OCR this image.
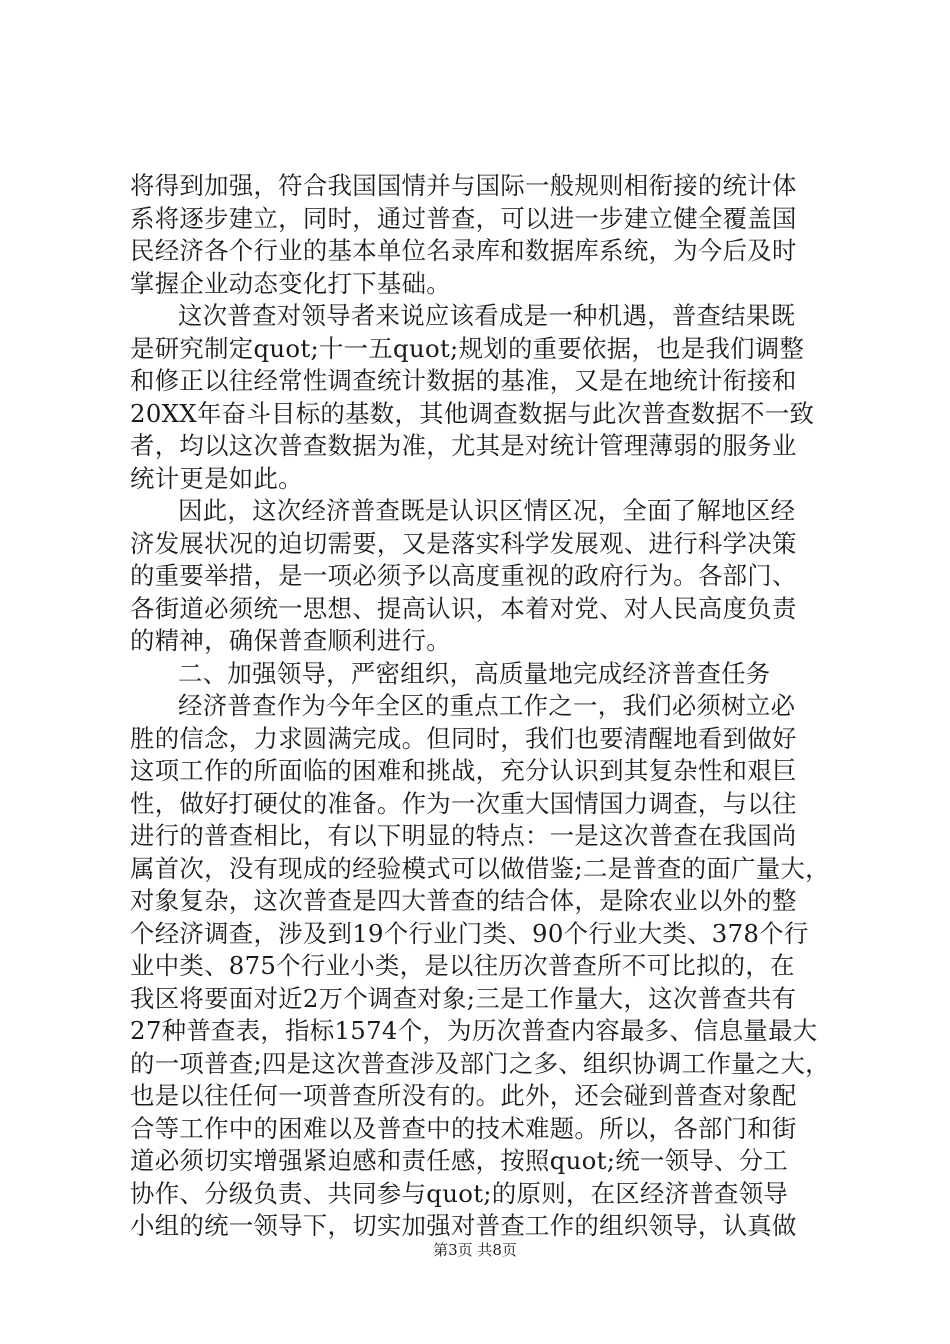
将得到加强，符合我国国情并与国际一般规则相衔接的统计体
系将逐步建立，同时，通过普查，可以进一步建立健全覆盖国
民经济各个行业的基本单位名录库和数据库系统，为今后及时
掌握企业动态变化打下基础。
这次普查对领导者来说应该看成是一种机遇，普查结果既
是研究制定quot;十一五quot;规划的重要依据，也是我们调整
和修正以往经常性调查统计数据的基准，又是在地统计衔接和
20XX年奋斗目标的基数，其他调查数据与此次普查数据不一致
者，均以这次普查数据为准，尤其是对统计管理薄弱的服务业
统计更是如此。
因此，这次经济普查既是认识区情区况，全面了解地区经
济发展状况的迫切需要，又是落实科学发展观、进行科学决策
的重要举措，是一项必须予以高度重视的政府行为。各部门、
各街道必须统一思想、提高认识，本着对党、对人民高度负责
的精神，确保普查顺利进行。
二、加强领导，严密组织，高质量地完成经济普查任务
经济普查作为今年全区的重点工作之一，我们必须树立必
胜的信念，力求圆满完成。但同时，我们也要清醒地看到做好
这项工作的所面临的困难和挑战，充分认识到其复杂性和艰巨
性，做好打硬仗的准备。作为一次重大国情国力调查，与以往
进行的普查相比，有以下明显的特点：一是这次普查在我国尚
属首次，没有现成的经验模式可以做借鉴;二是普查的面广量大，
对象复杂，这次普查是四大普查的结合体，是除农业以外的整
个经济调查，涉及到19个行业门类、90个行业大类、378个行
业中类、875个行业小类，是以往历次普查所不可比拟的，在
我区将要面对近2万个调查对象;三是工作量大，这次普查共有
27种普查表，指标1574个，为历次普查内容最多、信息量最大
的一项普查;四是这次普查涉及部门之多、组织协调工作量之大，
也是以往任何一项普查所没有的。此外，还会碰到普查对象配
合等工作中的困难以及普查中的技术难题。所以，各部门和街
道必须切实增强紧迫感和责任感，按照quot;统一领导、分工
协作、分级负责、共同参与quot;的原则，在区经济普查领导
小组的统一领导下，切实加强对普查工作的组织领导，认真做
第3页 共8页
